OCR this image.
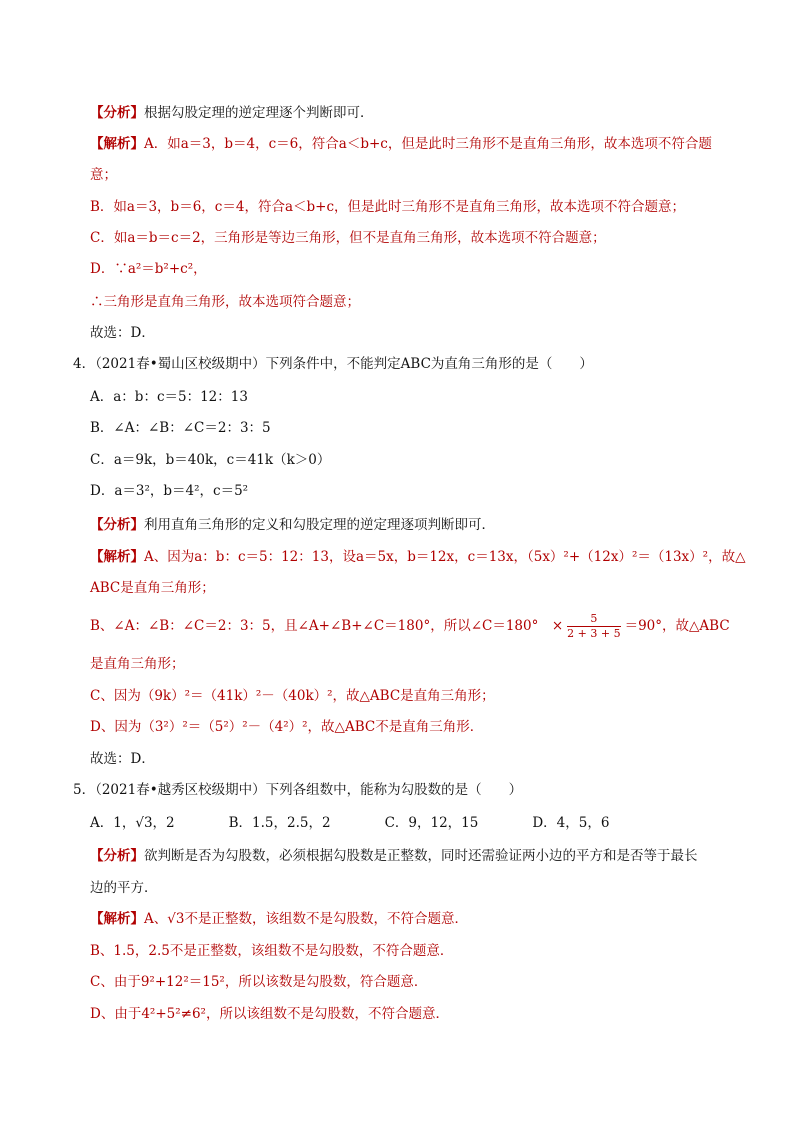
【分析】根据勾股定理的逆定理逐个判断即可．
【解析】A．如a＝3，b＝4，c＝6，符合a＜b+c，但是此时三角形不是直角三角形，故本选项不符合题
意；
B．如a＝3，b＝6，c＝4，符合a＜b+c，但是此时三角形不是直角三角形，故本选项不符合题意；
C．如a＝b＝c＝2，三角形是等边三角形，但不是直角三角形，故本选项不符合题意；
D．∵a²＝b²+c²，
∴三角形是直角三角形，故本选项符合题意；
故选：D．
4．（2021春•蜀山区校级期中）下列条件中，不能判定ABC为直角三角形的是（　　）
A．a：b：c＝5：12：13
B．∠A：∠B：∠C＝2：3：5
C．a＝9k，b＝40k，c＝41k（k＞0）
D．a＝3²，b＝4²，c＝5²
【分析】利用直角三角形的定义和勾股定理的逆定理逐项判断即可．
【解析】A、因为a：b：c＝5：12：13，设a＝5x，b＝12x，c＝13x，（5x）²+（12x）²＝（13x）²，故△
ABC是直角三角形；
B、∠A：∠B：∠C＝2：3：5，且∠A+∠B+∠C＝180°，所以∠C＝180°　× $\frac{5}{2 + 3 + 5} =90^\circ$，故△ABC
是直角三角形；
C、因为（9k）²＝（41k）²－（40k）²，故△ABC是直角三角形；
D、因为（3²）²＝（5²）²－（4²）²，故△ABC不是直角三角形．
故选：D．
5．（2021春•越秀区校级期中）下列各组数中，能称为勾股数的是（　　）
A．1，√3，2　　　　B．1.5，2.5，2　　　　C．9，12，15　　　　D．4，5，6
【分析】欲判断是否为勾股数，必须根据勾股数是正整数，同时还需验证两小边的平方和是否等于最长
边的平方．
【解析】A、√3不是正整数，该组数不是勾股数，不符合题意．
B、1.5，2.5不是正整数，该组数不是勾股数，不符合题意．
C、由于9²+12²＝15²，所以该数是勾股数，符合题意．
D、由于4²+5²≠6²，所以该组数不是勾股数，不符合题意．
